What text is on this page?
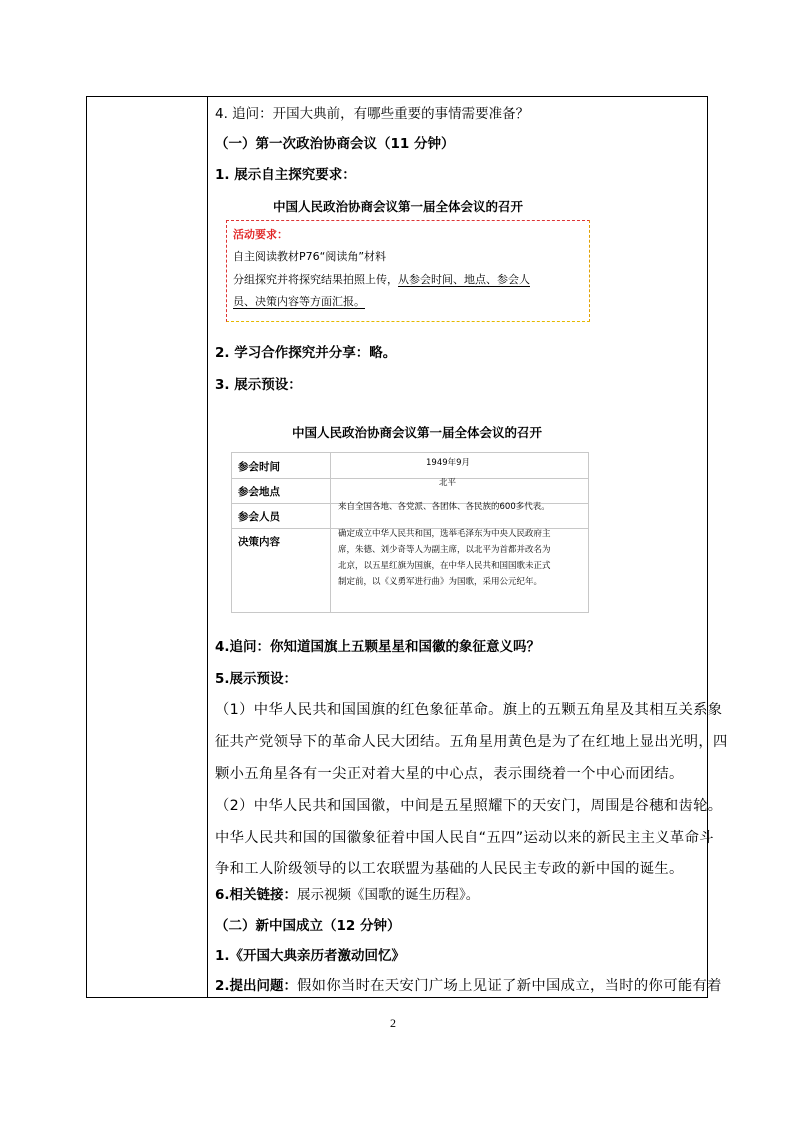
4. 追问：开国大典前，有哪些重要的事情需要准备？
（一）第一次政治协商会议（11 分钟）
1. 展示自主探究要求：
中国人民政治协商会议第一届全体会议的召开
活动要求：
自主阅读教材P76“阅读角”材料
分组探究并将探究结果拍照上传，从参会时间、地点、参会人
员、决策内容等方面汇报。
2. 学习合作探究并分享：略。
3. 展示预设：
中国人民政治协商会议第一届全体会议的召开
参会时间	1949年9月
参会地点
北平
参会人员
来自全国各地、各党派、各团体、各民族的600多代表。
决策内容
确定成立中华人民共和国，选举毛泽东为中央人民政府主
席，朱德、刘少奇等人为副主席，以北平为首都并改名为
北京，以五星红旗为国旗，在中华人民共和国国歌未正式
制定前，以《义勇军进行曲》为国歌，采用公元纪年。
4.追问：你知道国旗上五颗星星和国徽的象征意义吗？
5.展示预设：
（1）中华人民共和国国旗的红色象征革命。旗上的五颗五角星及其相互关系象
征共产党领导下的革命人民大团结。五角星用黄色是为了在红地上显出光明，四
颗小五角星各有一尖正对着大星的中心点，表示围绕着一个中心而团结。
（2）中华人民共和国国徽，中间是五星照耀下的天安门，周围是谷穗和齿轮。
中华人民共和国的国徽象征着中国人民自“五四”运动以来的新民主主义革命斗
争和工人阶级领导的以工农联盟为基础的人民民主专政的新中国的诞生。
6.相关链接：展示视频《国歌的诞生历程》。
（二）新中国成立（12 分钟）
1.《开国大典亲历者激动回忆》
2.提出问题：假如你当时在天安门广场上见证了新中国成立，当时的你可能有着
2
